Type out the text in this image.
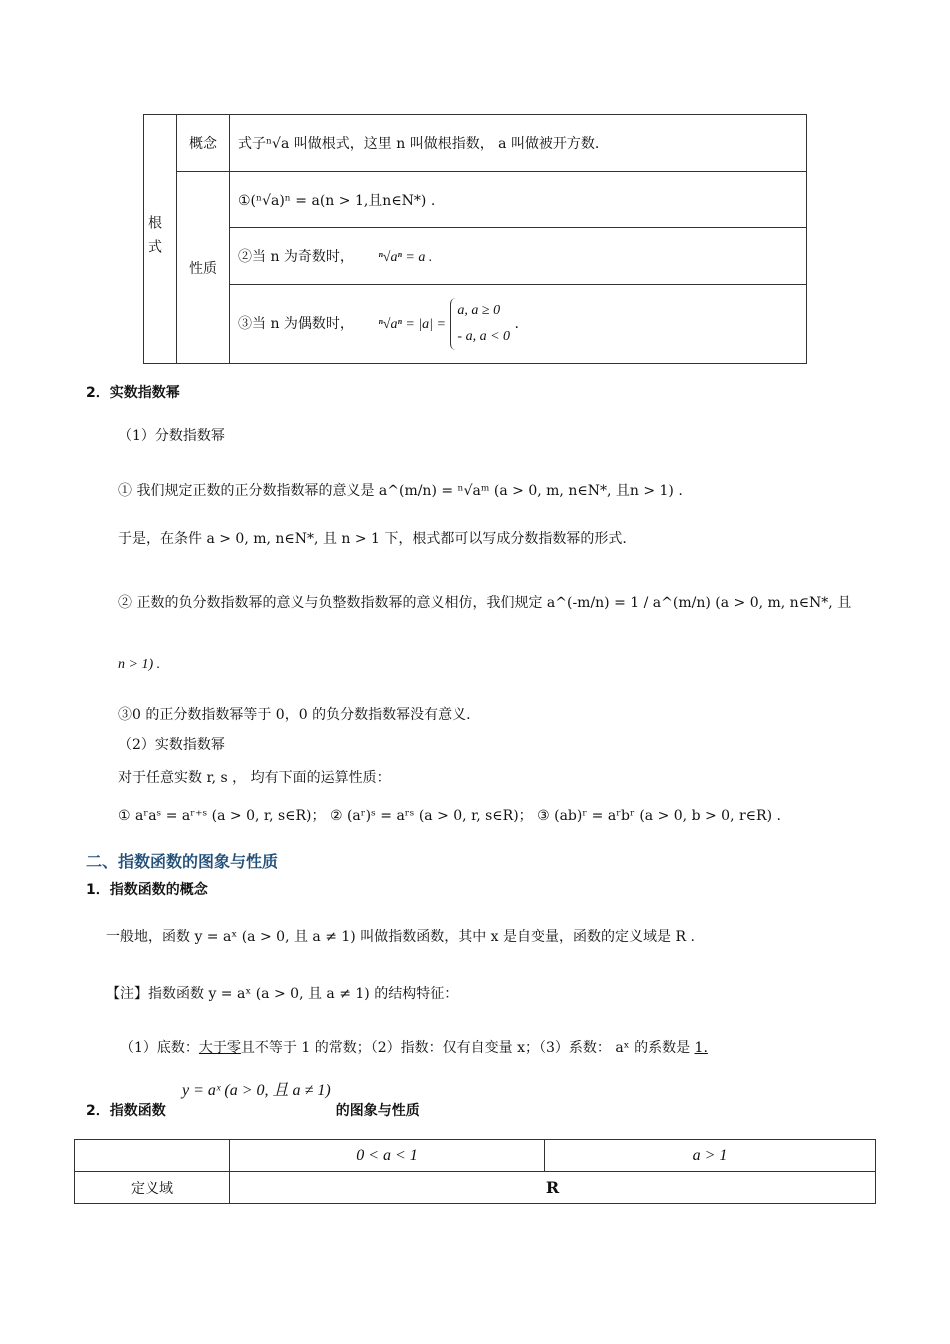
根式	概念	式子ⁿ√a 叫做根式，这里 n 叫做根指数， a 叫做被开方数.
	性质	①(ⁿ√a)ⁿ = a(n > 1,且n∈N*) .
		②当 n 为奇数时， ⁿ√aⁿ = a .
		③当 n 为偶数时， ⁿ√aⁿ = |a| =
a, a ≥ 0
- a, a < 0
.
2．实数指数幂
（1）分数指数幂
① 我们规定正数的正分数指数幂的意义是 a^(m/n) = ⁿ√aᵐ (a > 0, m, n∈N*, 且n > 1) .
于是，在条件 a > 0, m, n∈N*, 且 n > 1 下，根式都可以写成分数指数幂的形式.
② 正数的负分数指数幂的意义与负整数指数幂的意义相仿，我们规定 a^(-m/n) = 1 / a^(m/n) (a > 0, m, n∈N*, 且
n > 1) .
③0 的正分数指数幂等于 0，0 的负分数指数幂没有意义.
（2）实数指数幂
对于任意实数 r, s ， 均有下面的运算性质：
① aʳaˢ = aʳ⁺ˢ (a > 0, r, s∈R)； ② (aʳ)ˢ = aʳˢ (a > 0, r, s∈R)； ③ (ab)ʳ = aʳbʳ (a > 0, b > 0, r∈R) .
二、指数函数的图象与性质
1．指数函数的概念
一般地，函数 y = aˣ (a > 0, 且 a ≠ 1) 叫做指数函数，其中 x 是自变量，函数的定义域是 R .
【注】指数函数 y = aˣ (a > 0, 且 a ≠ 1) 的结构特征：
（1）底数：大于零且不等于 1 的常数；（2）指数：仅有自变量 x；（3）系数： aˣ 的系数是 1.
y = aˣ (a > 0, 且 a ≠ 1)
2．指数函数	的图象与性质
	0 < a < 1	a > 1
定义域	R	
